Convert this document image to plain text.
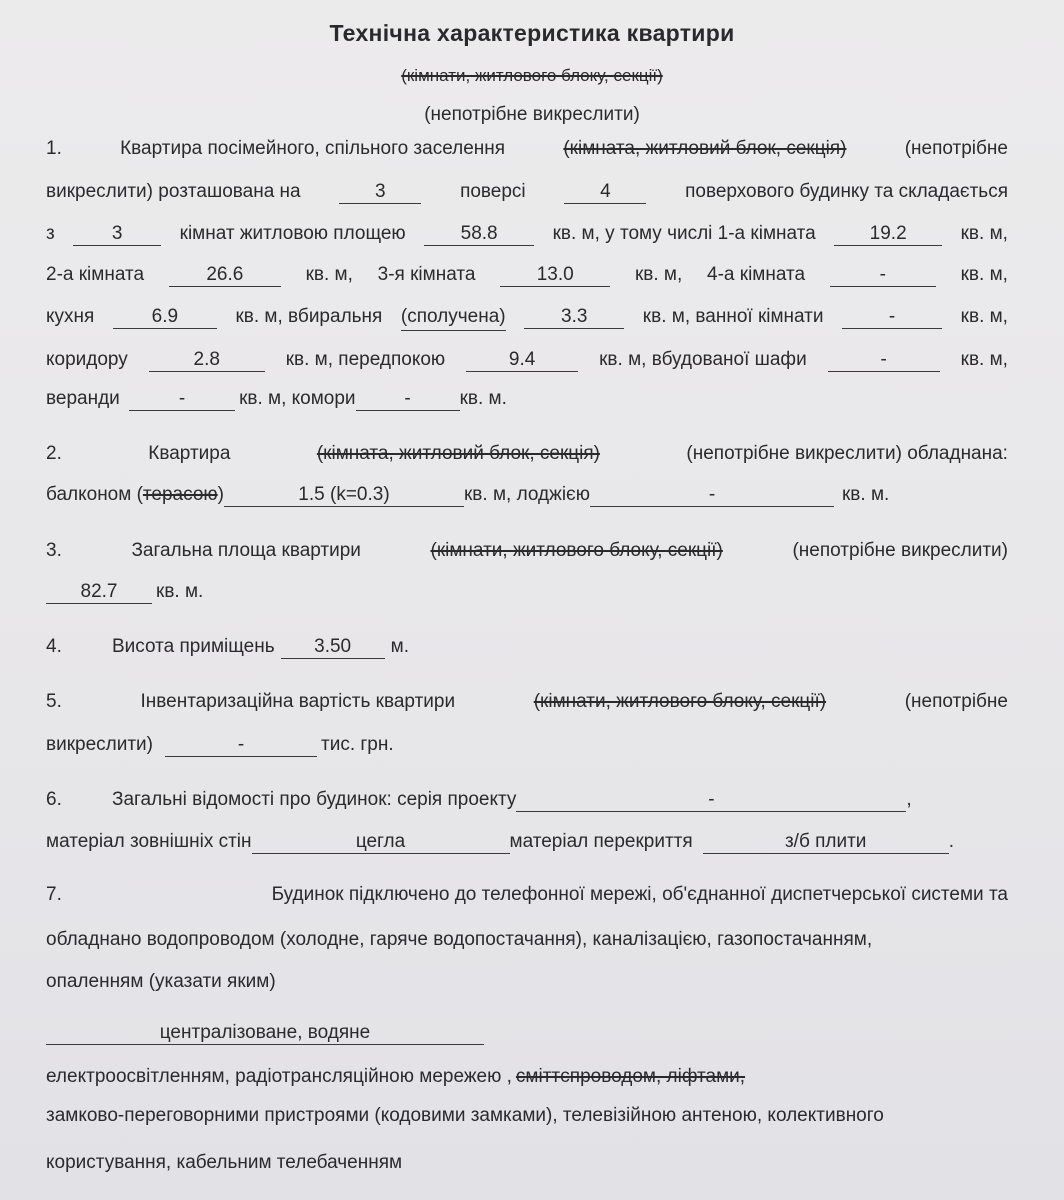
Технічна характеристика квартири
(кімнати, житлового блоку, секції)
(непотрібне викреслити)
1.	Квартира посімейного, спільного заселення	(кімната, житловий блок, секція)	(непотрібне
викреслити) розташована на	3	поверсі	4	поверхового будинку та складається
з	3	кімнат житловою площею	58.8	кв. м, у тому числі 1-а кімната	19.2	кв. м,
2-а кімната	26.6	кв. м, 3-я кімната	13.0	кв. м, 4-а кімната	-	кв. м,
кухня	6.9	кв. м, вбиральня (сполучена)	3.3	кв. м, ванної кімнати	-	кв. м,
коридору	2.8	кв. м, передпокою	9.4	кв. м, вбудованої шафи	-	кв. м,
веранди	-	кв. м, комори	-	кв. м.
2.	Квартира	(кімната, житловий блок, секція)	(непотрібне викреслити) обладнана:
балконом (терасою)	1.5 (k=0.3)	кв. м, лоджією	-	кв. м.
3.	Загальна площа квартири	(кімнати, житлового блоку, секції)	(непотрібне викреслити)
82.7 кв. м.
4.	Висота приміщень 3.50 м.
5.	Інвентаризаційна вартість квартири	(кімнати, житлового блоку, секції)	(непотрібне
викреслити)	-	тис. грн.
6.	Загальні відомості про будинок: серія проекту	-	,
матеріал зовнішніх стін	цегла	матеріал перекриття	з/б плити	.
7.	Будинок підключено до телефонної мережі, об'єднанної диспетчерської системи та
обладнано водопроводом (холодне, гаряче водопостачання), каналізацією, газопостачанням,
опаленням (указати яким)
централізоване, водяне
електроосвітленням, радіотрансляційною мережею , сміттєпроводом, ліфтами,
замково-переговорними пристроями (кодовими замками), телевізійною антеною, колективного
користування, кабельним телебаченням
